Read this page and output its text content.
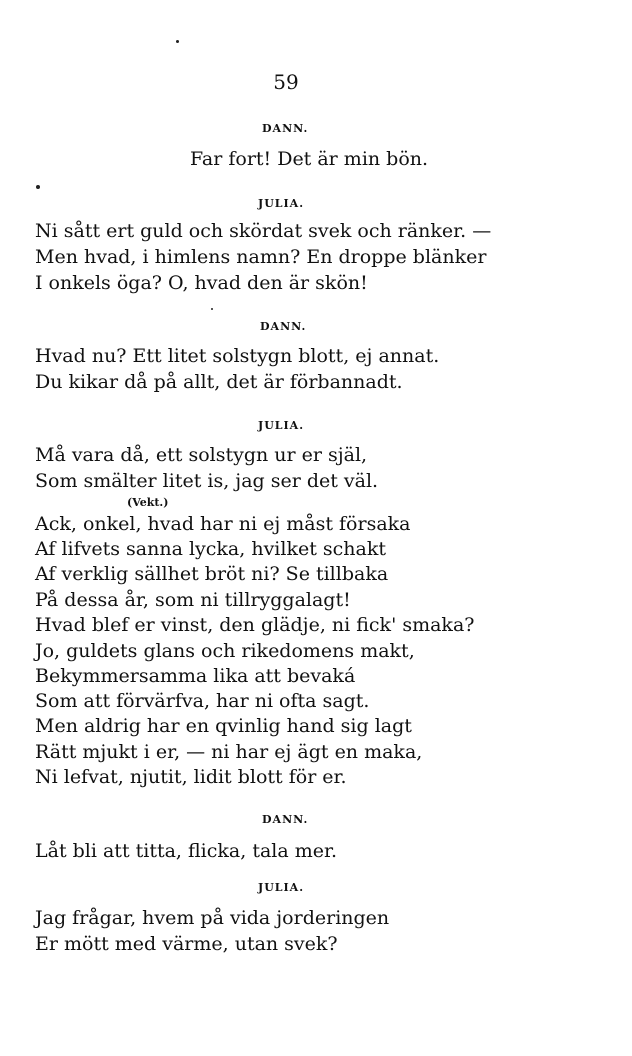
59
DANN.
Far fort! Det är min bön.
JULIA.
Ni sått ert guld och skördat svek och ränker. —
Men hvad, i himlens namn? En droppe blänker
I onkels öga? O, hvad den är skön!
DANN.
Hvad nu? Ett litet solstygn blott, ej annat.
Du kikar då på allt, det är förbannadt.
JULIA.
Må vara då, ett solstygn ur er själ,
Som smälter litet is, jag ser det väl.
(Vekt.)
Ack, onkel, hvad har ni ej måst försaka
Af lifvets sanna lycka, hvilket schakt
Af verklig sällhet bröt ni? Se tillbaka
På dessa år, som ni tillryggalagt!
Hvad blef er vinst, den glädje, ni fick' smaka?
Jo, guldets glans och rikedomens makt,
Bekymmersamma lika att bevaká
Som att förvärfva, har ni ofta sagt.
Men aldrig har en qvinlig hand sig lagt
Rätt mjukt i er, — ni har ej ägt en maka,
Ni lefvat, njutit, lidit blott för er.
DANN.
Låt bli att titta, flicka, tala mer.
JULIA.
Jag frågar, hvem på vida jorderingen
Er mött med värme, utan svek?
